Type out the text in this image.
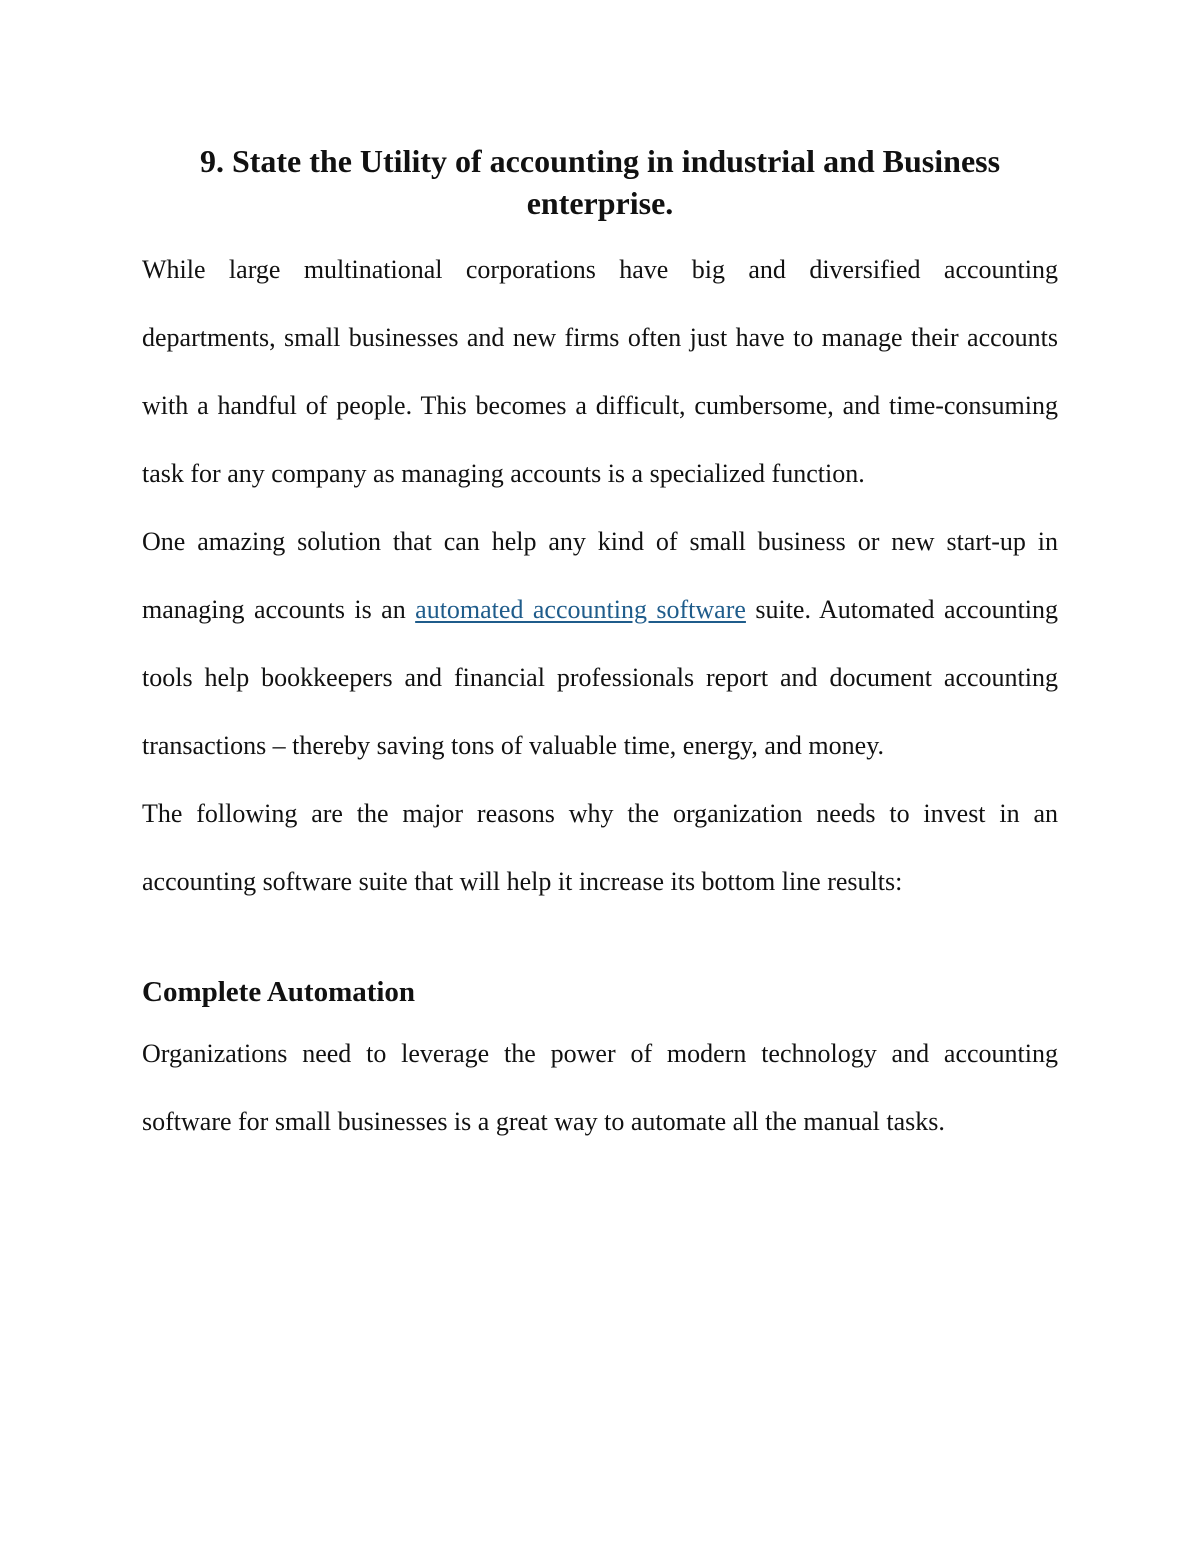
9. State the Utility of accounting in industrial and Business enterprise.

While large multinational corporations have big and diversified accounting departments, small businesses and new firms often just have to manage their accounts with a handful of people. This becomes a difficult, cumbersome, and time-consuming task for any company as managing accounts is a specialized function.

One amazing solution that can help any kind of small business or new start-up in managing accounts is an automated accounting software suite. Automated accounting tools help bookkeepers and financial professionals report and document accounting transactions – thereby saving tons of valuable time, energy, and money.

The following are the major reasons why the organization needs to invest in an accounting software suite that will help it increase its bottom line results:

Complete Automation

Organizations need to leverage the power of modern technology and accounting software for small businesses is a great way to automate all the manual tasks.
